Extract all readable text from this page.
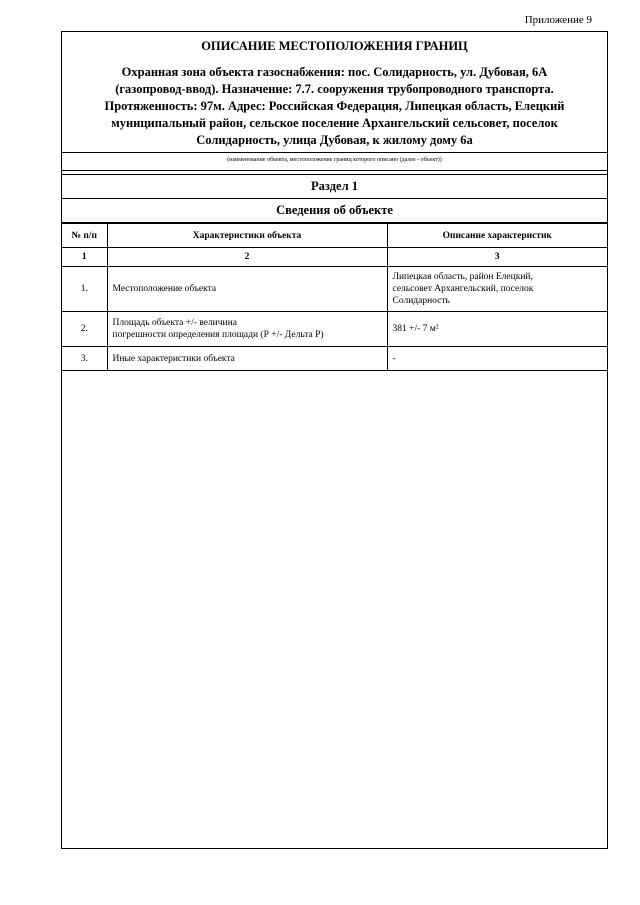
Приложение 9
ОПИСАНИЕ МЕСТОПОЛОЖЕНИЯ ГРАНИЦ
Охранная зона объекта газоснабжения: пос. Солидарность, ул. Дубовая, 6А
(газопровод-ввод). Назначение: 7.7. сооружения трубопроводного транспорта.
Протяженность: 97м. Адрес: Российская Федерация, Липецкая область, Елецкий
муниципальный район, сельское поселение Архангельский сельсовет, поселок
Солидарность, улица Дубовая, к жилому дому 6а
(наименование объекта, местоположение границ которого описано (далее - объект))
Раздел 1
Сведения об объекте
№ п/п	Характеристики объекта	Описание характеристик
1	2	3
1.	Местоположение объекта	Липецкая область, район Елецкий,
сельсовет Архангельский, поселок
Солидарность
2.	Площадь объекта +/- величина
погрешности определения площади (Р +/- Дельта Р)	381 +/- 7 м²
3.	Иные характеристики объекта	-
